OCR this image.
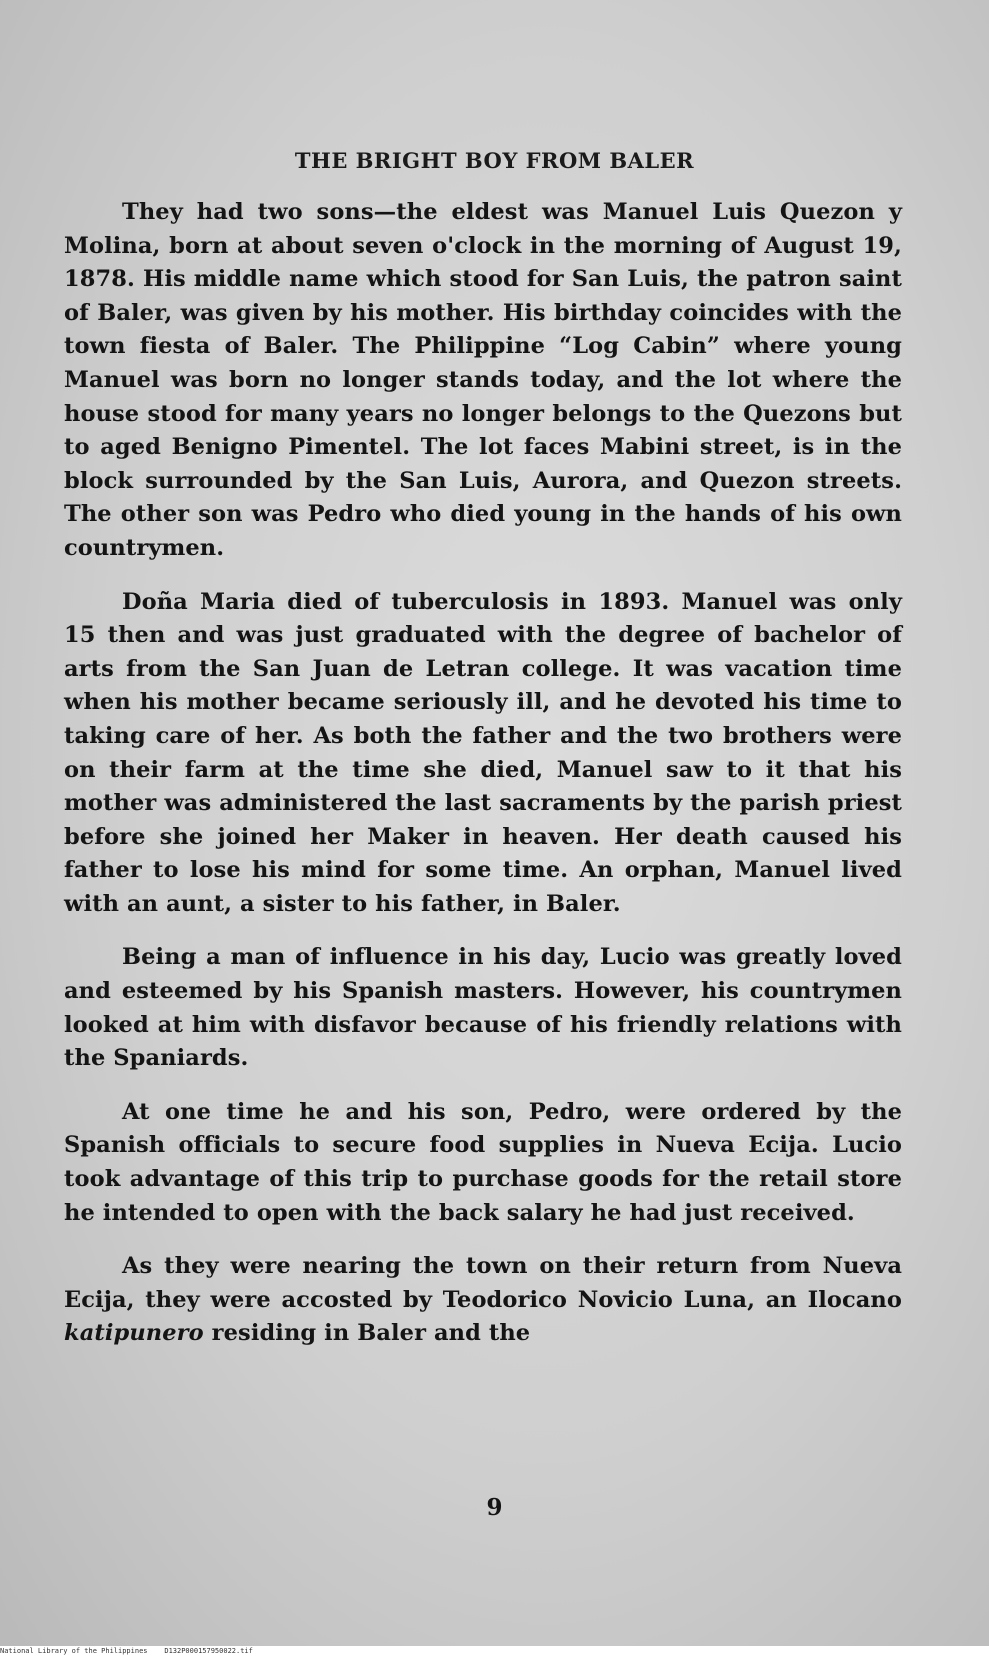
THE BRIGHT BOY FROM BALER

They had two sons—the eldest was Manuel Luis Quezon y Molina, born at about seven o'clock in the morning of August 19, 1878. His middle name which stood for San Luis, the patron saint of Baler, was given by his mother. His birthday coincides with the town fiesta of Baler. The Philippine “Log Cabin” where young Manuel was born no longer stands today, and the lot where the house stood for many years no longer belongs to the Quezons but to aged Benigno Pimentel. The lot faces Mabini street, is in the block surrounded by the San Luis, Aurora, and Quezon streets. The other son was Pedro who died young in the hands of his own countrymen.

Doña Maria died of tuberculosis in 1893. Manuel was only 15 then and was just graduated with the degree of bachelor of arts from the San Juan de Letran college. It was vacation time when his mother became seriously ill, and he devoted his time to taking care of her. As both the father and the two brothers were on their farm at the time she died, Manuel saw to it that his mother was administered the last sacraments by the parish priest before she joined her Maker in heaven. Her death caused his father to lose his mind for some time. An orphan, Manuel lived with an aunt, a sister to his father, in Baler.

Being a man of influence in his day, Lucio was greatly loved and esteemed by his Spanish masters. However, his countrymen looked at him with disfavor because of his friendly relations with the Spaniards.

At one time he and his son, Pedro, were ordered by the Spanish officials to secure food supplies in Nueva Ecija. Lucio took advantage of this trip to purchase goods for the retail store he intended to open with the back salary he had just received.

As they were nearing the town on their return from Nueva Ecija, they were accosted by Teodorico Novicio Luna, an Ilocano katipunero residing in Baler and the

9
National Library of the Philippines    D132P000157950022.tif
